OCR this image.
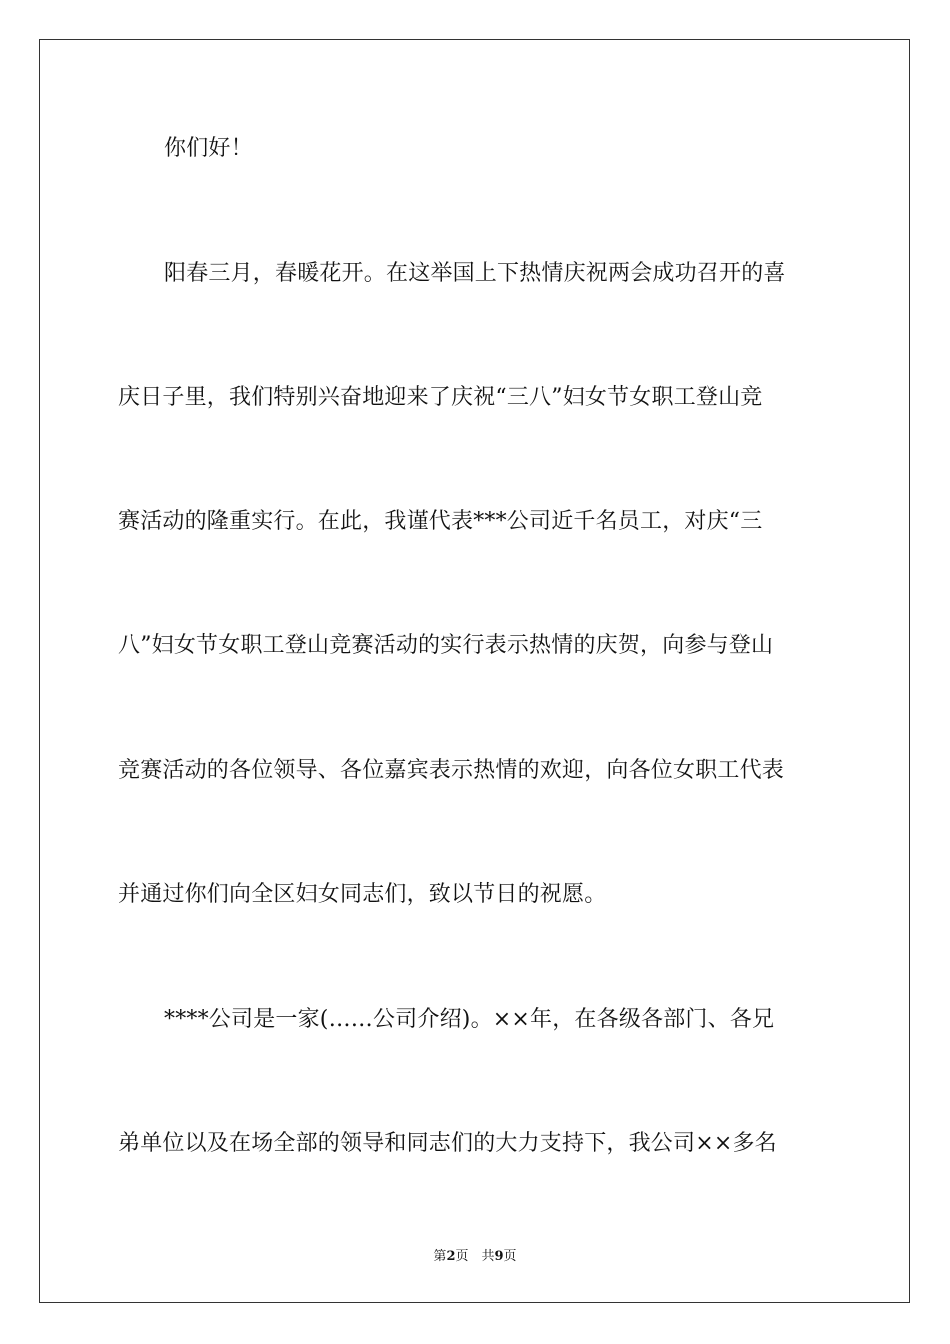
你们好！
阳春三月，春暖花开。在这举国上下热情庆祝两会成功召开的喜
庆日子里，我们特别兴奋地迎来了庆祝“三八”妇女节女职工登山竞
赛活动的隆重实行。在此，我谨代表***公司近千名员工，对庆“三
八”妇女节女职工登山竞赛活动的实行表示热情的庆贺，向参与登山
竞赛活动的各位领导、各位嘉宾表示热情的欢迎，向各位女职工代表
并通过你们向全区妇女同志们，致以节日的祝愿。
****公司是一家(……公司介绍)。××年，在各级各部门、各兄
弟单位以及在场全部的领导和同志们的大力支持下，我公司××多名
第2页　共9页
